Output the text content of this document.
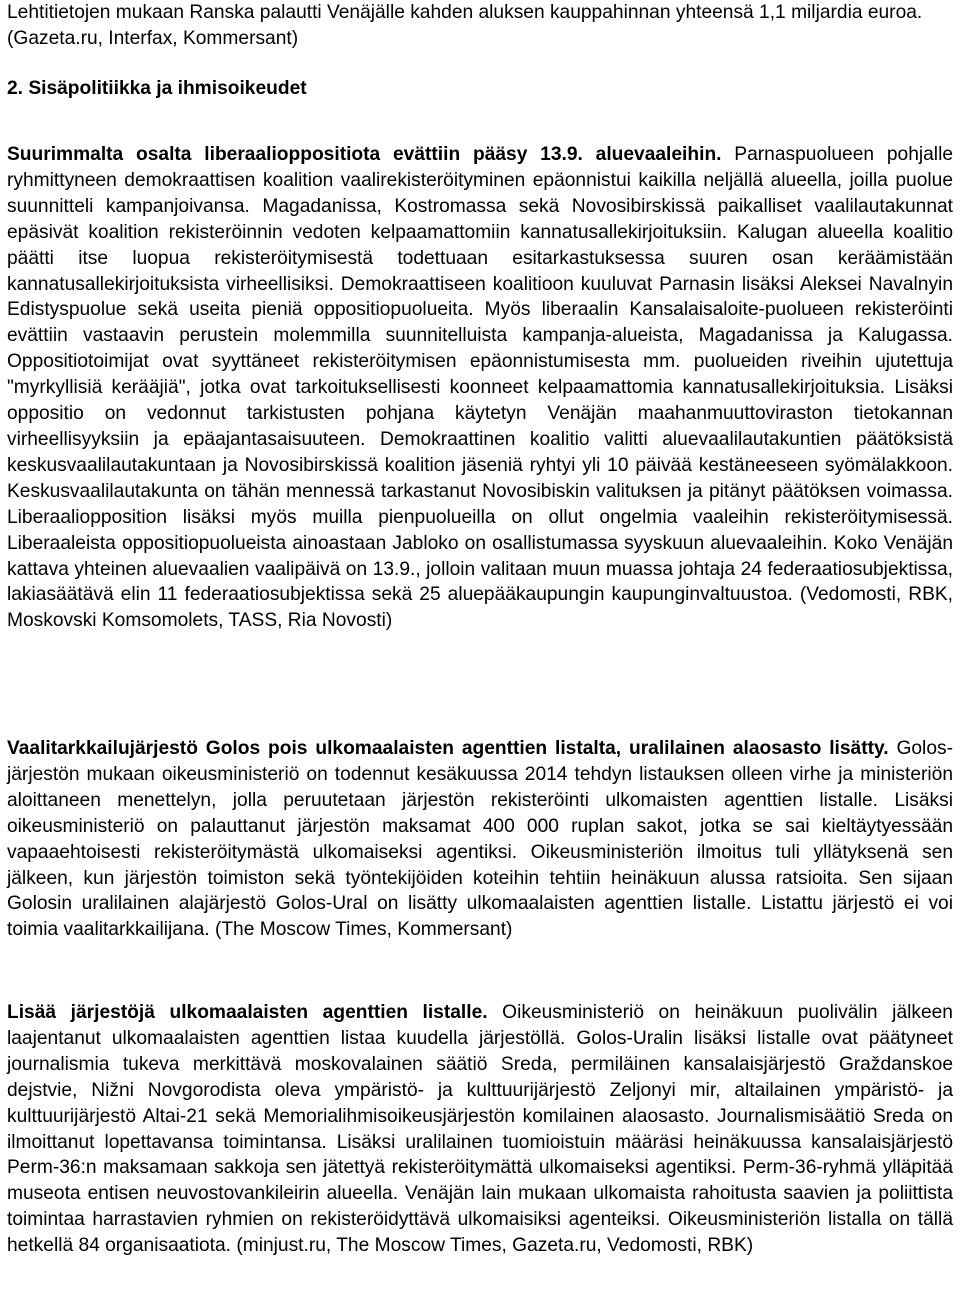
Lehtitietojen mukaan Ranska palautti Venäjälle kahden aluksen kauppahinnan yhteensä 1,1 miljardia euroa. (Gazeta.ru, Interfax, Kommersant)

2. Sisäpolitiikka ja ihmisoikeudet

Suurimmalta osalta liberaalioppositiota evättiin pääsy 13.9. aluevaaleihin. Parnaspuolueen pohjalle ryhmittyneen demokraattisen koalition vaalirekisteröityminen epäonnistui kaikilla neljällä alueella, joilla puolue suunnitteli kampanjoivansa. Magadanissa, Kostromassa sekä Novosibirskissä paikalliset vaalilautakunnat epäsivät koalition rekisteröinnin vedoten kelpaamattomiin kannatusallekirjoituksiin. Kalugan alueella koalitio päätti itse luopua rekisteröitymisestä todettuaan esitarkastuksessa suuren osan keräämistään kannatusallekirjoituksista virheellisiksi. Demokraattiseen koalitioon kuuluvat Parnasin lisäksi Aleksei Navalnyin Edistyspuolue sekä useita pieniä oppositiopuolueita. Myös liberaalin Kansalaisaloite-puolueen rekisteröinti evättiin vastaavin perustein molemmilla suunnitelluista kampanja-alueista, Magadanissa ja Kalugassa. Oppositiotoimijat ovat syyttäneet rekisteröitymisen epäonnistumisesta mm. puolueiden riveihin ujutettuja "myrkyllisiä kerääjiä", jotka ovat tarkoituksellisesti koonneet kelpaamattomia kannatusallekirjoituksia. Lisäksi oppositio on vedonnut tarkistusten pohjana käytetyn Venäjän maahanmuuttoviraston tietokannan virheellisyyksiin ja epäajantasaisuuteen. Demokraattinen koalitio valitti aluevaalilautakuntien päätöksistä keskusvaalilautakuntaan ja Novosibirskissä koalition jäseniä ryhtyi yli 10 päivää kestäneeseen syömälakkoon. Keskusvaalilautakunta on tähän mennessä tarkastanut Novosibiskin valituksen ja pitänyt päätöksen voimassa. Liberaaliopposition lisäksi myös muilla pienpuolueilla on ollut ongelmia vaaleihin rekisteröitymisessä. Liberaaleista oppositiopuolueista ainoastaan Jabloko on osallistumassa syyskuun aluevaaleihin. Koko Venäjän kattava yhteinen aluevaalien vaalipäivä on 13.9., jolloin valitaan muun muassa johtaja 24 federaatiosubjektissa, lakiasäätävä elin 11 federaatiosubjektissa sekä 25 aluepääkaupungin kaupunginvaltuustoa. (Vedomosti, RBK, Moskovski Komsomolets, TASS, Ria Novosti)

Vaalitarkkailujärjestö Golos pois ulkomaalaisten agenttien listalta, uralilainen alaosasto lisätty. Golos-järjestön mukaan oikeusministeriö on todennut kesäkuussa 2014 tehdyn listauksen olleen virhe ja ministeriön aloittaneen menettelyn, jolla peruutetaan järjestön rekisteröinti ulkomaisten agenttien listalle. Lisäksi oikeusministeriö on palauttanut järjestön maksamat 400 000 ruplan sakot, jotka se sai kieltäytyessään vapaaehtoisesti rekisteröitymästä ulkomaiseksi agentiksi. Oikeusministeriön ilmoitus tuli yllätyksenä sen jälkeen, kun järjestön toimiston sekä työntekijöiden koteihin tehtiin heinäkuun alussa ratsioita. Sen sijaan Golosin uralilainen alajärjestö Golos-Ural on lisätty ulkomaalaisten agenttien listalle. Listattu järjestö ei voi toimia vaalitarkkailijana. (The Moscow Times, Kommersant)

Lisää järjestöjä ulkomaalaisten agenttien listalle. Oikeusministeriö on heinäkuun puolivälin jälkeen laajentanut ulkomaalaisten agenttien listaa kuudella järjestöllä. Golos-Uralin lisäksi listalle ovat päätyneet journalismia tukeva merkittävä moskovalainen säätiö Sreda, permiläinen kansalaisjärjestö Graždanskoe dejstvie, Nižni Novgorodista oleva ympäristö- ja kulttuurijärjestö Zeljonyi mir, altailainen ympäristö- ja kulttuurijärjestö Altai-21 sekä Memorialihmisoikeusjärjestön komilainen alaosasto. Journalismisäätiö Sreda on ilmoittanut lopettavansa toimintansa. Lisäksi uralilainen tuomioistuin määräsi heinäkuussa kansalaisjärjestö Perm-36:n maksamaan sakkoja sen jätettyä rekisteröitymättä ulkomaiseksi agentiksi. Perm-36-ryhmä ylläpitää museota entisen neuvostovankileirin alueella. Venäjän lain mukaan ulkomaista rahoitusta saavien ja poliittista toimintaa harrastavien ryhmien on rekisteröidyttävä ulkomaisiksi agenteiksi. Oikeusministeriön listalla on tällä hetkellä 84 organisaatiota. (minjust.ru, The Moscow Times, Gazeta.ru, Vedomosti, RBK)
